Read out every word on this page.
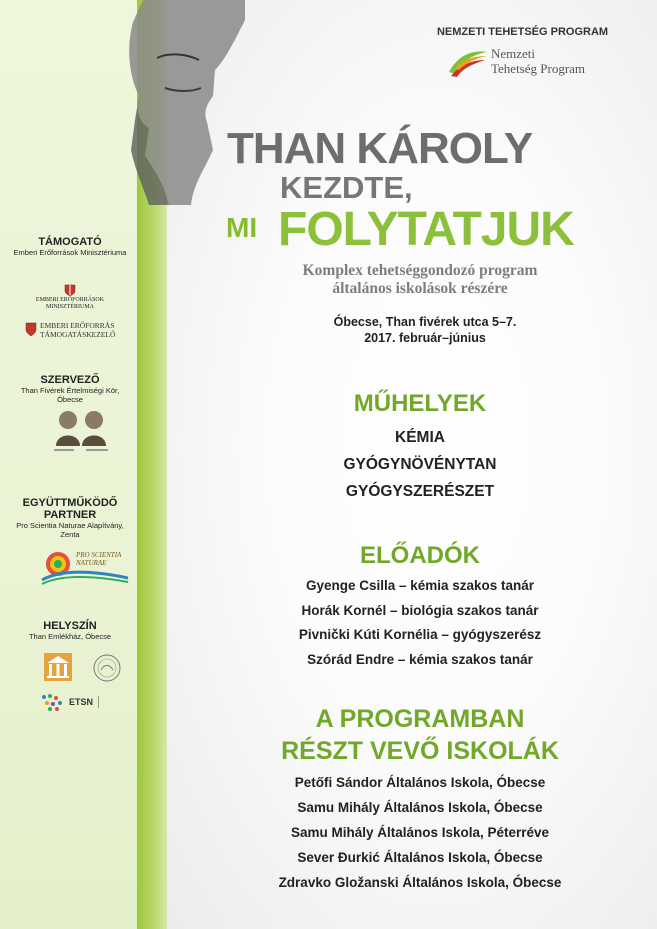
NEMZETI TEHETSÉG PROGRAM
Nemzeti
Tehetség Program
THAN KÁROLY
KEZDTE,
MI FOLYTATJUK
Komplex tehetséggondozó program
általános iskolások részére
Óbecse, Than fivérek utca 5–7.
2017. február–június
MŰHELYEK
KÉMIA
GYÓGYNÖVÉNYTAN
GYÓGYSZERÉSZET
ELŐADÓK
Gyenge Csilla – kémia szakos tanár
Horák Kornél – biológia szakos tanár
Pivnički Kúti Kornélia – gyógyszerész
Szórád Endre – kémia szakos tanár
A PROGRAMBAN
RÉSZT VEVŐ ISKOLÁK
Petőfi Sándor Általános Iskola, Óbecse
Samu Mihály Általános Iskola, Óbecse
Samu Mihály Általános Iskola, Péterréve
Sever Đurkić Általános Iskola, Óbecse
Zdravko Gložanski Általános Iskola, Óbecse
TÁMOGATÓ
Emberi Erőforrások Minisztériuma
EMBERI ERŐFORRÁSOK
MINISZTÉRIUMA
EMBERI ERŐFORRÁS
TÁMOGATÁSKEZELŐ
SZERVEZŐ
Than Fivérek Értelmiségi Kör, Óbecse
EGYÜTTMŰKÖDŐ
PARTNER
Pro Scientia Naturae Alapítvány,
Zenta
PRO SCIENTIA
NATURAE
HELYSZÍN
Than Emlékház, Óbecse
ETSN
